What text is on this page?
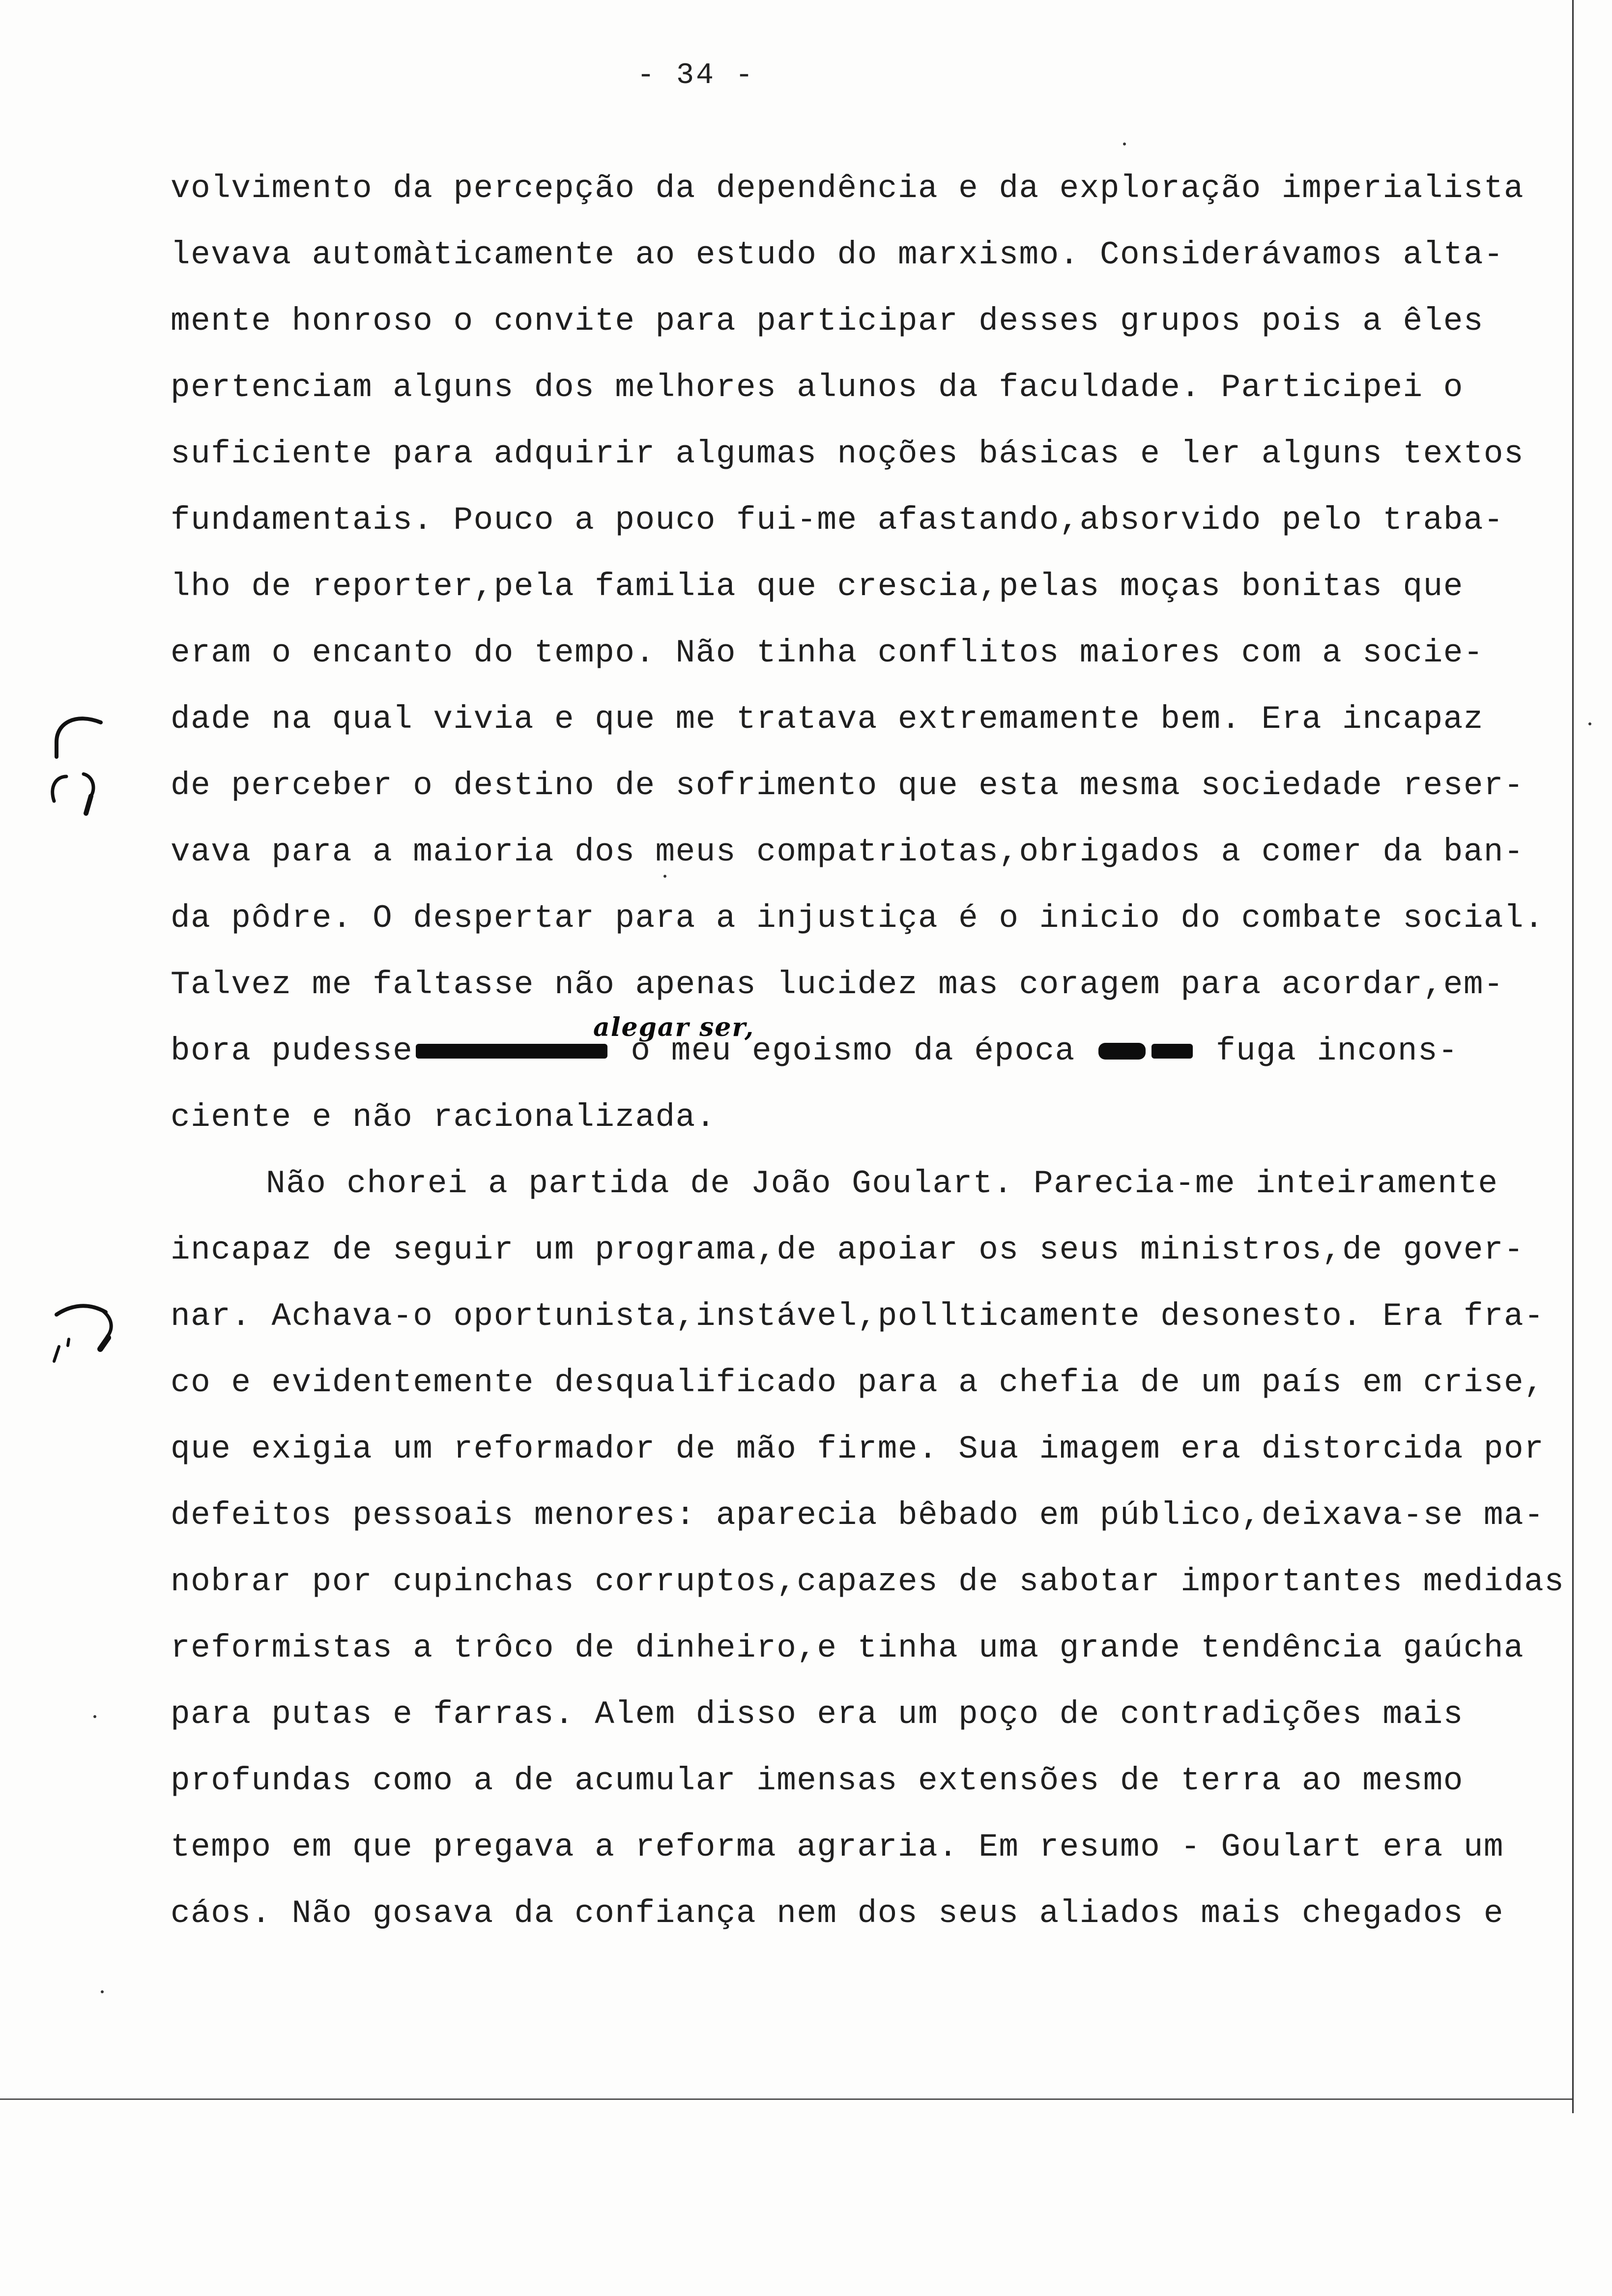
- 34 -
volvimento da percepção da dependência e da exploração imperialista
levava automàticamente ao estudo do marxismo. Considerávamos alta-
mente honroso o convite para participar desses grupos pois a êles
pertenciam alguns dos melhores alunos da faculdade. Participei o
suficiente para adquirir algumas noções básicas e ler alguns textos
fundamentais. Pouco a pouco fui-me afastando,absorvido pelo traba-
lho de reporter,pela familia que crescia,pelas moças bonitas que
eram o encanto do tempo. Não tinha conflitos maiores com a socie-
dade na qual vivia e que me tratava extremamente bem. Era incapaz
de perceber o destino de sofrimento que esta mesma sociedade reser-
vava para a maioria dos meus compatriotas,obrigados a comer da ban-
da pôdre. O despertar para a injustiça é o inicio do combate social.
Talvez me faltasse não apenas lucidez mas coragem para acordar,em-
alegar ser,
bora pudesse	o meu egoismo da época	fuga incons-
ciente e não racionalizada.
Não chorei a partida de João Goulart. Parecia-me inteiramente
incapaz de seguir um programa,de apoiar os seus ministros,de gover-
nar. Achava-o oportunista,instável,pollticamente desonesto. Era fra-
co e evidentemente desqualificado para a chefia de um país em crise,
que exigia um reformador de mão firme. Sua imagem era distorcida por
defeitos pessoais menores: aparecia bêbado em público,deixava-se ma-
nobrar por cupinchas corruptos,capazes de sabotar importantes medidas
reformistas a trôco de dinheiro,e tinha uma grande tendência gaúcha
para putas e farras. Alem disso era um poço de contradições mais
profundas como a de acumular imensas extensões de terra ao mesmo
tempo em que pregava a reforma agraria. Em resumo - Goulart era um
cáos. Não gosava da confiança nem dos seus aliados mais chegados e
